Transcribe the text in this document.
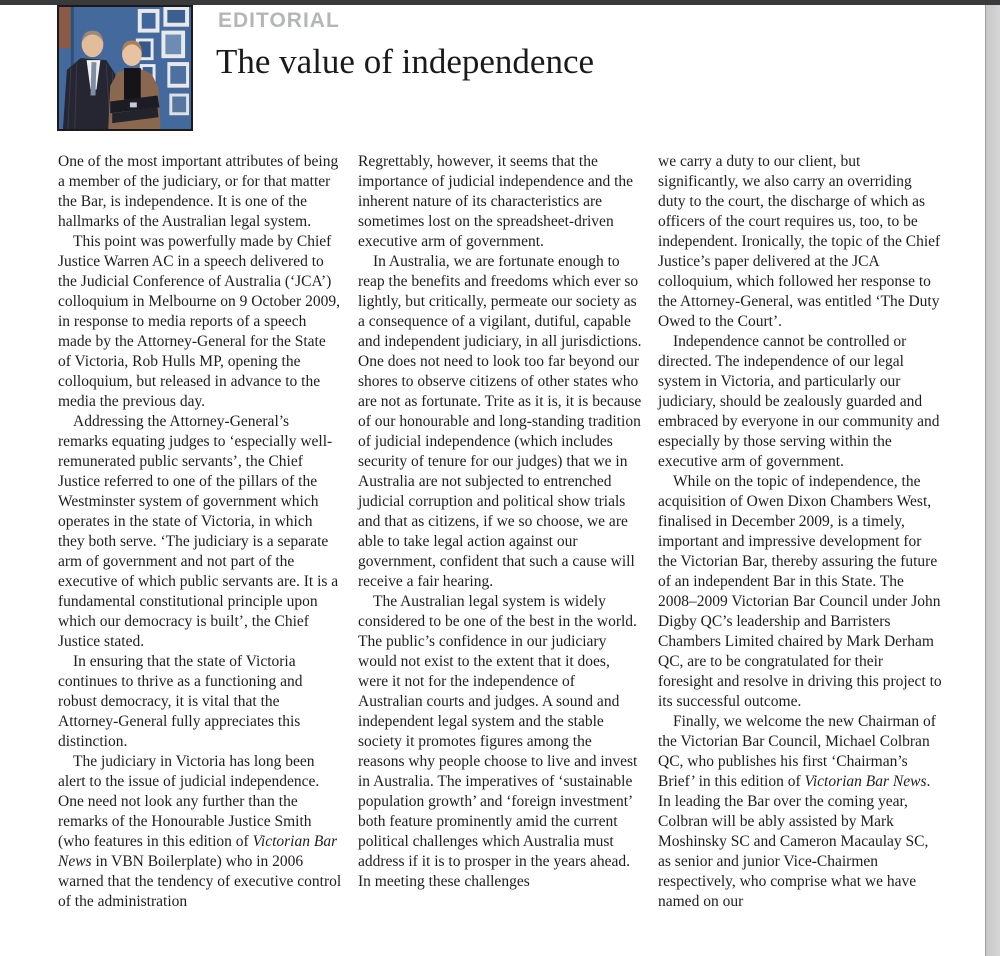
EDITORIAL
The value of independence

One of the most important attributes of being a member of the judiciary, or for that matter the Bar, is independence. It is one of the hallmarks of the Australian legal system.

This point was powerfully made by Chief Justice Warren AC in a speech delivered to the Judicial Conference of Australia (‘JCA’) colloquium in Melbourne on 9 October 2009, in response to media reports of a speech made by the Attorney-General for the State of Victoria, Rob Hulls MP, opening the colloquium, but released in advance to the media the previous day.

Addressing the Attorney-General’s remarks equating judges to ‘especially well-remunerated public servants’, the Chief Justice referred to one of the pillars of the Westminster system of government which operates in the state of Victoria, in which they both serve. ‘The judiciary is a separate arm of government and not part of the executive of which public servants are. It is a fundamental constitutional principle upon which our democracy is built’, the Chief Justice stated.

In ensuring that the state of Victoria continues to thrive as a functioning and robust democracy, it is vital that the Attorney-General fully appreciates this distinction.

The judiciary in Victoria has long been alert to the issue of judicial independence. One need not look any further than the remarks of the Honourable Justice Smith (who features in this edition of Victorian Bar News in VBN Boilerplate) who in 2006 warned that the tendency of executive control of the administration

Regrettably, however, it seems that the importance of judicial independence and the inherent nature of its characteristics are sometimes lost on the spreadsheet-driven executive arm of government.

In Australia, we are fortunate enough to reap the benefits and freedoms which ever so lightly, but critically, permeate our society as a consequence of a vigilant, dutiful, capable and independent judiciary, in all jurisdictions. One does not need to look too far beyond our shores to observe citizens of other states who are not as fortunate. Trite as it is, it is because of our honourable and long-standing tradition of judicial independence (which includes security of tenure for our judges) that we in Australia are not subjected to entrenched judicial corruption and political show trials and that as citizens, if we so choose, we are able to take legal action against our government, confident that such a cause will receive a fair hearing.

The Australian legal system is widely considered to be one of the best in the world. The public’s confidence in our judiciary would not exist to the extent that it does, were it not for the independence of Australian courts and judges. A sound and independent legal system and the stable society it promotes figures among the reasons why people choose to live and invest in Australia. The imperatives of ‘sustainable population growth’ and ‘foreign investment’ both feature prominently amid the current political challenges which Australia must address if it is to prosper in the years ahead. In meeting these challenges

we carry a duty to our client, but significantly, we also carry an overriding duty to the court, the discharge of which as officers of the court requires us, too, to be independent. Ironically, the topic of the Chief Justice’s paper delivered at the JCA colloquium, which followed her response to the Attorney-General, was entitled ‘The Duty Owed to the Court’.

Independence cannot be controlled or directed. The independence of our legal system in Victoria, and particularly our judiciary, should be zealously guarded and embraced by everyone in our community and especially by those serving within the executive arm of government.

While on the topic of independence, the acquisition of Owen Dixon Chambers West, finalised in December 2009, is a timely, important and impressive development for the Victorian Bar, thereby assuring the future of an independent Bar in this State. The 2008–2009 Victorian Bar Council under John Digby QC’s leadership and Barristers Chambers Limited chaired by Mark Derham QC, are to be congratulated for their foresight and resolve in driving this project to its successful outcome.

Finally, we welcome the new Chairman of the Victorian Bar Council, Michael Colbran QC, who publishes his first ‘Chairman’s Brief’ in this edition of Victorian Bar News. In leading the Bar over the coming year, Colbran will be ably assisted by Mark Moshinsky SC and Cameron Macaulay SC, as senior and junior Vice-Chairmen respectively, who comprise what we have named on our
